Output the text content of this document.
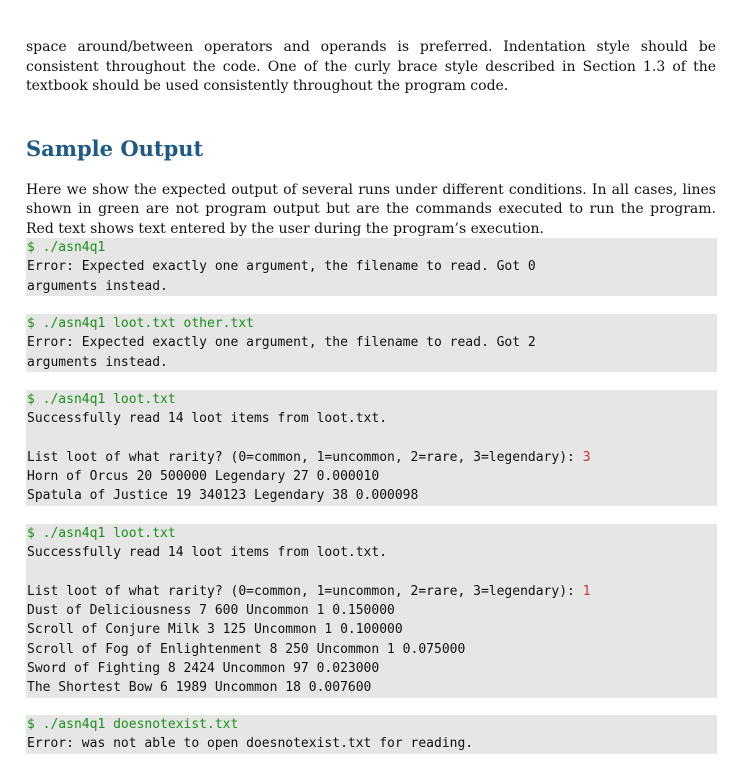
space around/between operators and operands is preferred. Indentation style should be consistent throughout the code. One of the curly brace style described in Section 1.3 of the textbook should be used consistently throughout the program code.

Sample Output

Here we show the expected output of several runs under different conditions. In all cases, lines shown in green are not program output but are the commands executed to run the program. Red text shows text entered by the user during the program’s execution.

$ ./asn4q1
Error: Expected exactly one argument, the filename to read. Got 0
arguments instead.
$ ./asn4q1 loot.txt other.txt
Error: Expected exactly one argument, the filename to read. Got 2
arguments instead.
$ ./asn4q1 loot.txt
Successfully read 14 loot items from loot.txt.
List loot of what rarity? (0=common, 1=uncommon, 2=rare, 3=legendary): 3
Horn of Orcus 20 500000 Legendary 27 0.000010
Spatula of Justice 19 340123 Legendary 38 0.000098
$ ./asn4q1 loot.txt
Successfully read 14 loot items from loot.txt.
List loot of what rarity? (0=common, 1=uncommon, 2=rare, 3=legendary): 1
Dust of Deliciousness 7 600 Uncommon 1 0.150000
Scroll of Conjure Milk 3 125 Uncommon 1 0.100000
Scroll of Fog of Enlightenment 8 250 Uncommon 1 0.075000
Sword of Fighting 8 2424 Uncommon 97 0.023000
The Shortest Bow 6 1989 Uncommon 18 0.007600
$ ./asn4q1 doesnotexist.txt
Error: was not able to open doesnotexist.txt for reading.
